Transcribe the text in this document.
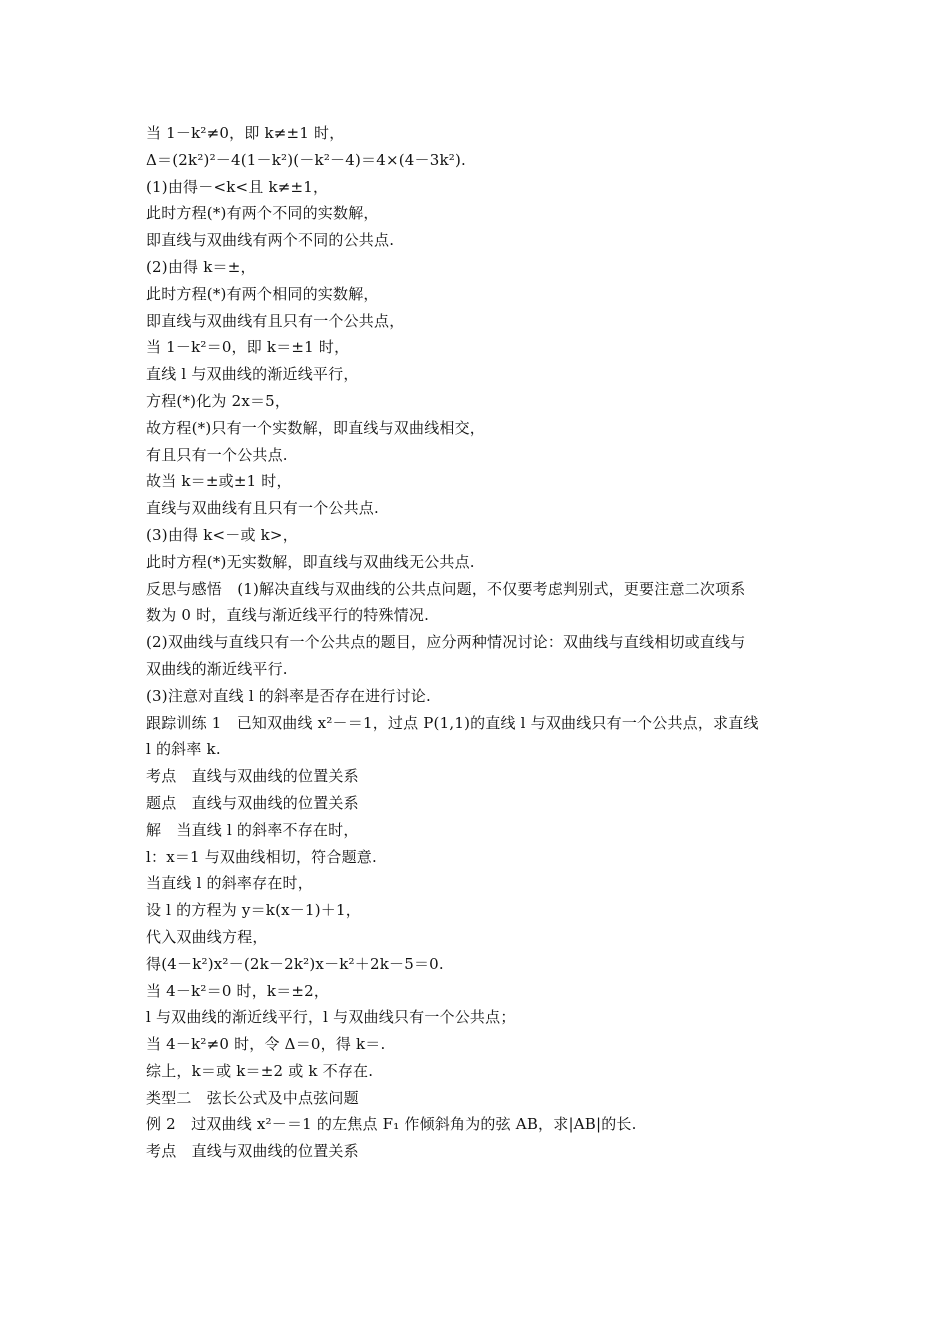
当 1－k²≠0，即 k≠±1 时，
Δ＝(2k²)²－4(1－k²)(－k²－4)＝4×(4－3k²).
(1)由得－<k<且 k≠±1，
此时方程(*)有两个不同的实数解，
即直线与双曲线有两个不同的公共点.
(2)由得 k＝±，
此时方程(*)有两个相同的实数解，
即直线与双曲线有且只有一个公共点，
当 1－k²＝0，即 k＝±1 时，
直线 l 与双曲线的渐近线平行，
方程(*)化为 2x＝5，
故方程(*)只有一个实数解，即直线与双曲线相交，
有且只有一个公共点.
故当 k＝±或±1 时，
直线与双曲线有且只有一个公共点.
(3)由得 k<－或 k>，
此时方程(*)无实数解，即直线与双曲线无公共点.
反思与感悟　(1)解决直线与双曲线的公共点问题，不仅要考虑判别式，更要注意二次项系
数为 0 时，直线与渐近线平行的特殊情况.
(2)双曲线与直线只有一个公共点的题目，应分两种情况讨论：双曲线与直线相切或直线与
双曲线的渐近线平行.
(3)注意对直线 l 的斜率是否存在进行讨论.
跟踪训练 1　已知双曲线 x²－＝1，过点 P(1,1)的直线 l 与双曲线只有一个公共点，求直线
l 的斜率 k.
考点　直线与双曲线的位置关系
题点　直线与双曲线的位置关系
解　当直线 l 的斜率不存在时，
l：x＝1 与双曲线相切，符合题意.
当直线 l 的斜率存在时，
设 l 的方程为 y＝k(x－1)＋1，
代入双曲线方程，
得(4－k²)x²－(2k－2k²)x－k²＋2k－5＝0.
当 4－k²＝0 时，k＝±2，
l 与双曲线的渐近线平行，l 与双曲线只有一个公共点；
当 4－k²≠0 时，令 Δ＝0，得 k＝.
综上，k＝或 k＝±2 或 k 不存在.
类型二　弦长公式及中点弦问题
例 2　过双曲线 x²－＝1 的左焦点 F₁ 作倾斜角为的弦 AB，求|AB|的长.
考点　直线与双曲线的位置关系
